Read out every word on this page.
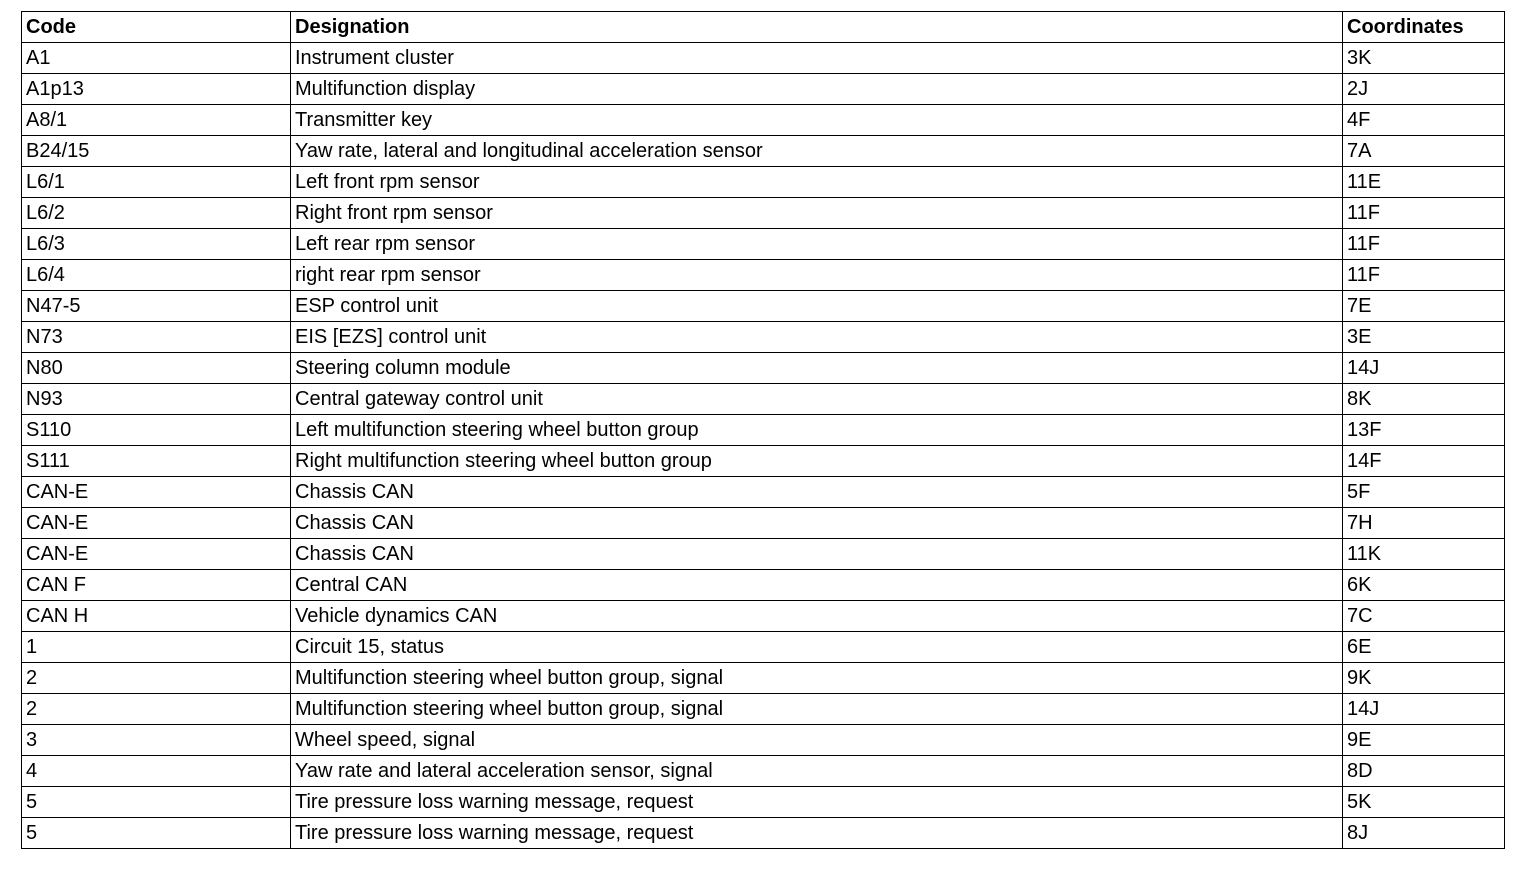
Code	Designation	Coordinates
A1	Instrument cluster	3K
A1p13	Multifunction display	2J
A8/1	Transmitter key	4F
B24/15	Yaw rate, lateral and longitudinal acceleration sensor	7A
L6/1	Left front rpm sensor	11E
L6/2	Right front rpm sensor	11F
L6/3	Left rear rpm sensor	11F
L6/4	right rear rpm sensor	11F
N47-5	ESP control unit	7E
N73	EIS [EZS] control unit	3E
N80	Steering column module	14J
N93	Central gateway control unit	8K
S110	Left multifunction steering wheel button group	13F
S111	Right multifunction steering wheel button group	14F
CAN-E	Chassis CAN	5F
CAN-E	Chassis CAN	7H
CAN-E	Chassis CAN	11K
CAN F	Central CAN	6K
CAN H	Vehicle dynamics CAN	7C
1	Circuit 15, status	6E
2	Multifunction steering wheel button group, signal	9K
2	Multifunction steering wheel button group, signal	14J
3	Wheel speed, signal	9E
4	Yaw rate and lateral acceleration sensor, signal	8D
5	Tire pressure loss warning message, request	5K
5	Tire pressure loss warning message, request	8J
